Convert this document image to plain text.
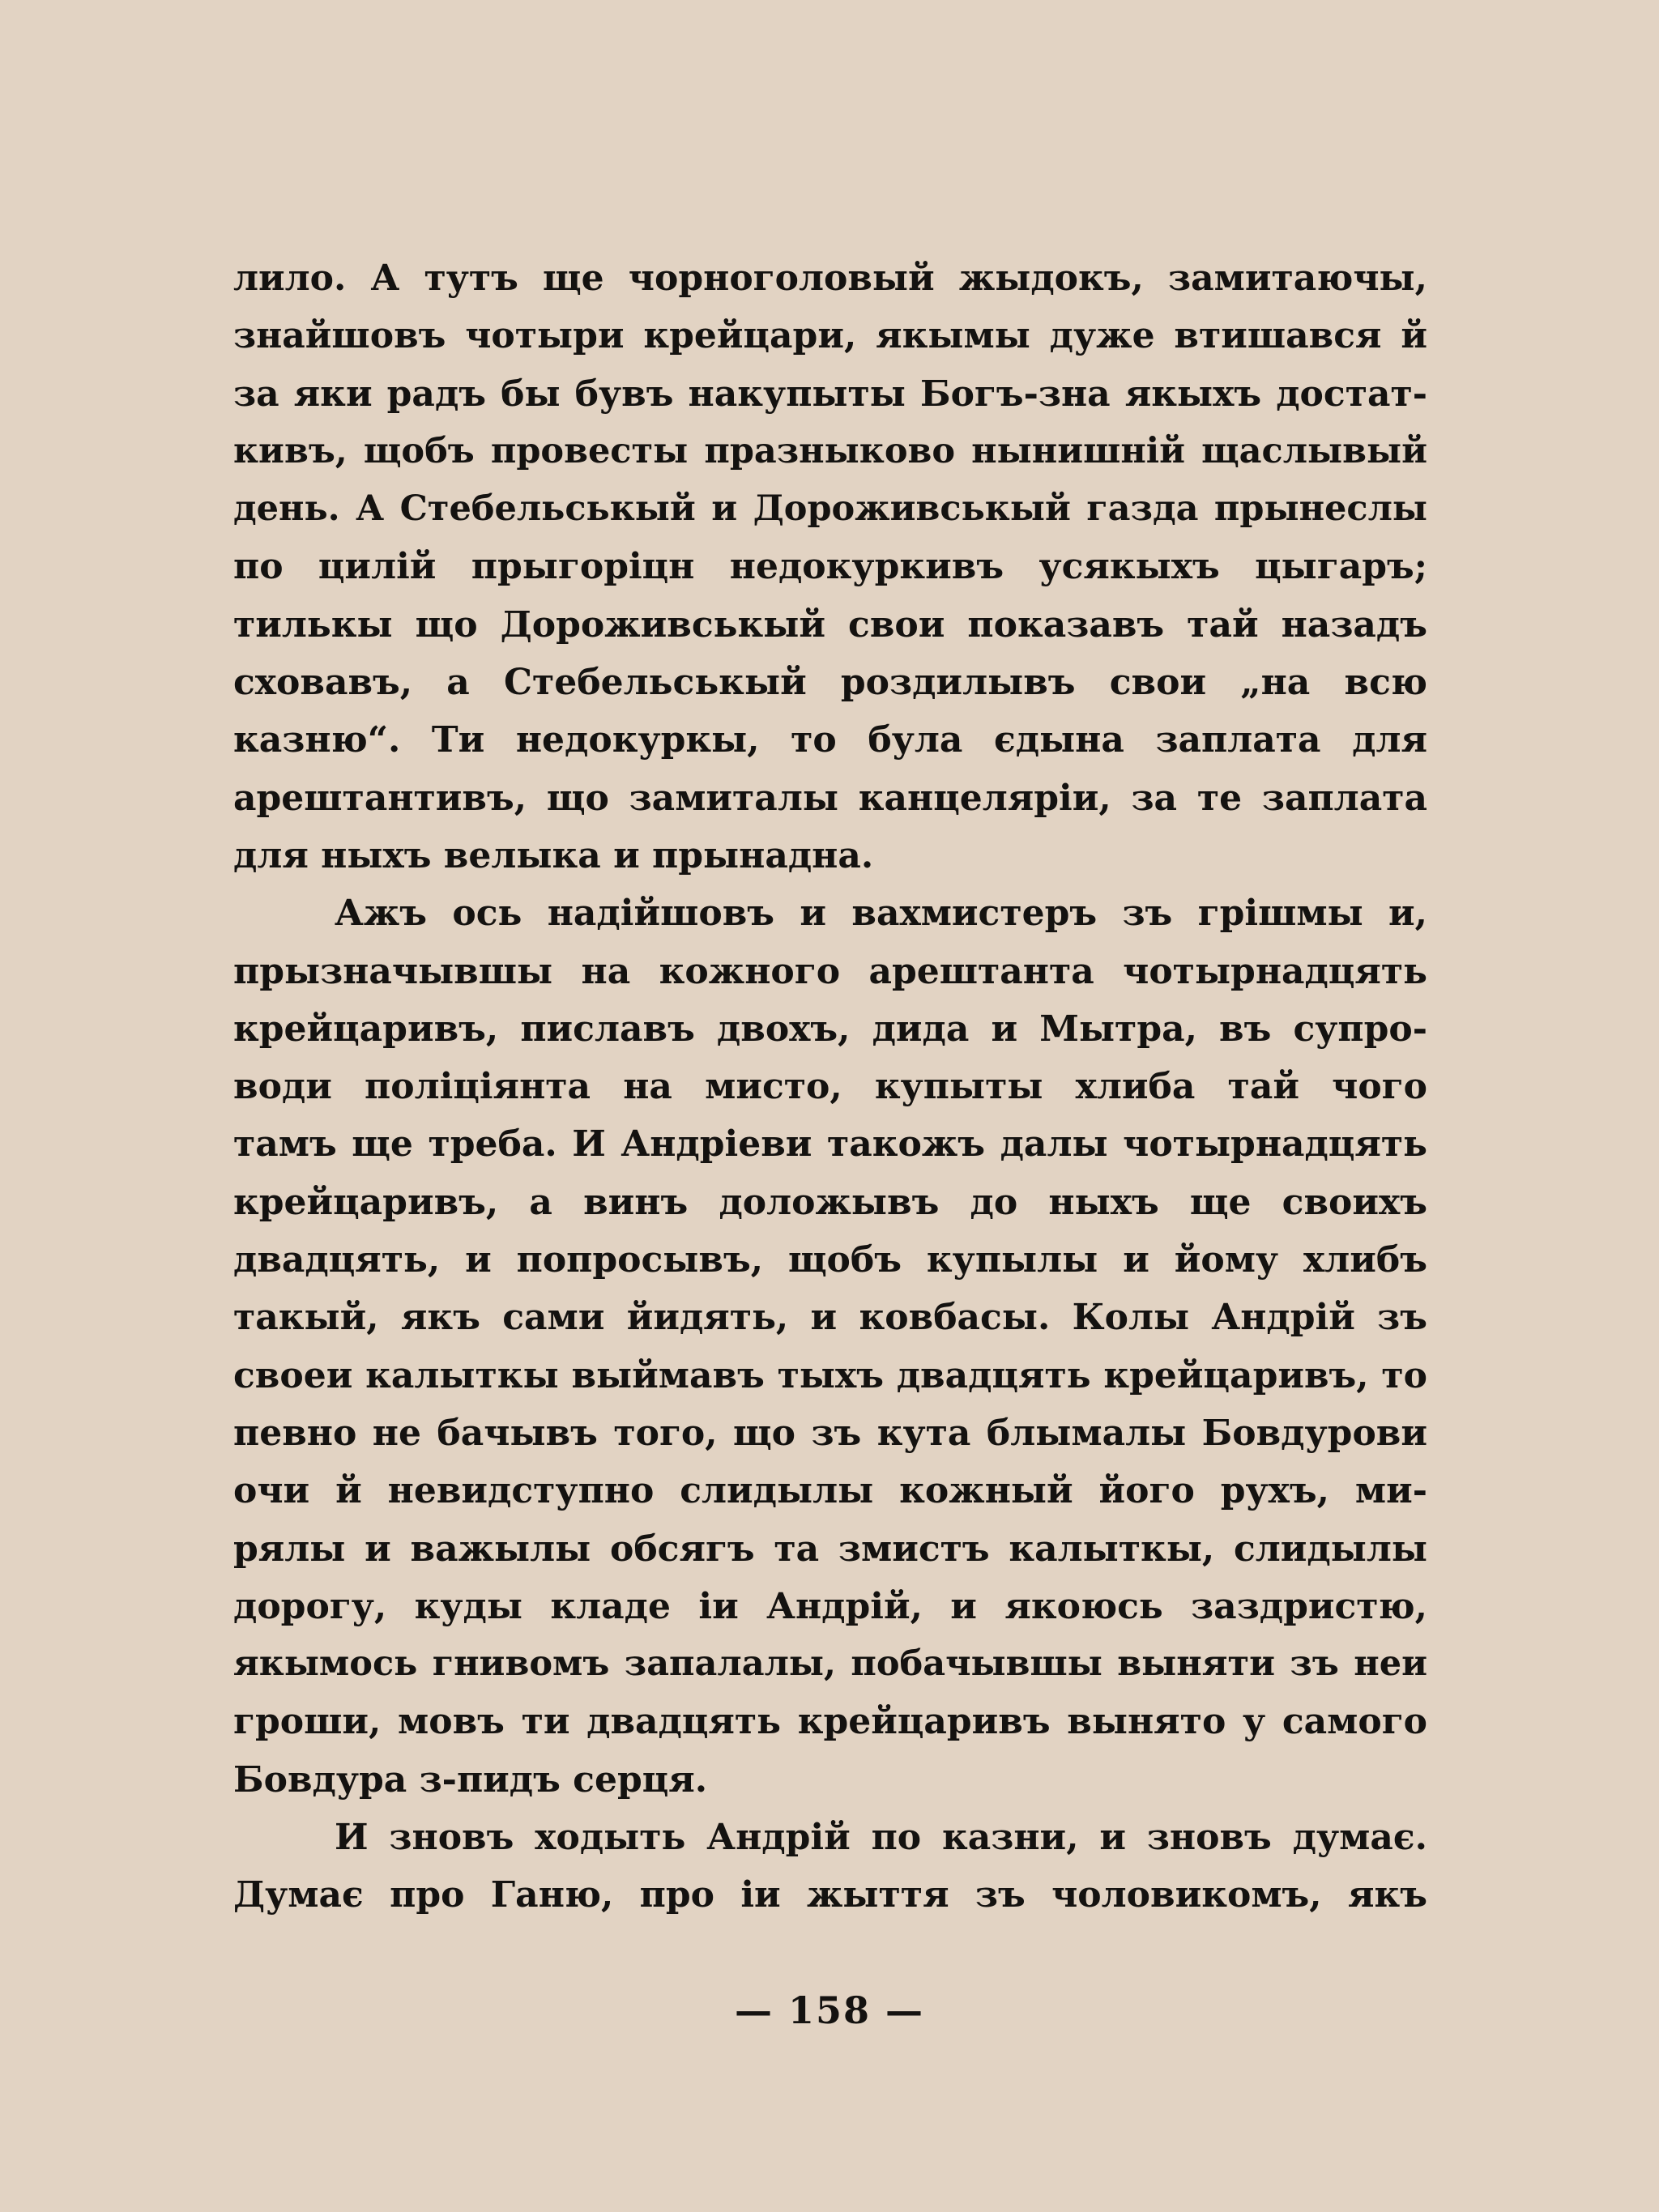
лило. А тутъ ще чорноголовый жыдокъ, замитаючы,
знайшовъ чотыри крейцари, якымы дуже втишався й
за яки радъ бы бувъ накупыты Богъ-зна якыхъ достат-
кивъ, щобъ провесты празныково нынишній щаслывый
день. А Стебельськый и Дороживськый газда прынеслы
по цилій прыгоріцн недокуркивъ усякыхъ цыгаръ;
тилькы що Дороживськый свои показавъ тай назадъ
сховавъ, а Стебельськый роздилывъ свои „на всю
казню“. Ти недокуркы, то була єдына заплата для
арештантивъ, що замиталы канцеляріи, за те заплата
для ныхъ велыка и прынадна.
Ажъ ось надійшовъ и вахмистеръ зъ грішмы и,
прызначывшы на кожного арештанта чотырнадцять
крейцаривъ, пиславъ двохъ, дида и Мытра, въ супро-
води поліціянта на мисто, купыты хлиба тай чого
тамъ ще треба. И Андріеви такожъ далы чотырнадцять
крейцаривъ, а винъ доложывъ до ныхъ ще своихъ
двадцять, и попросывъ, щобъ купылы и йому хлибъ
такый, якъ сами йидять, и ковбасы. Колы Андрій зъ
своеи калыткы выймавъ тыхъ двадцять крейцаривъ, то
певно не бачывъ того, що зъ кута блымалы Бовдурови
очи й невидступно слидылы кожный його рухъ, ми-
рялы и важылы обсягъ та змистъ калыткы, слидылы
дорогу, куды кладе іи Андрій, и якоюсь заздристю,
якымось гнивомъ запалалы, побачывшы выняти зъ неи
гроши, мовъ ти двадцять крейцаривъ вынято у самого
Бовдура з-пидъ серця.
И зновъ ходыть Андрій по казни, и зновъ думає.
Думає про Ганю, про іи жыття зъ чоловикомъ, якъ
— 158 —
